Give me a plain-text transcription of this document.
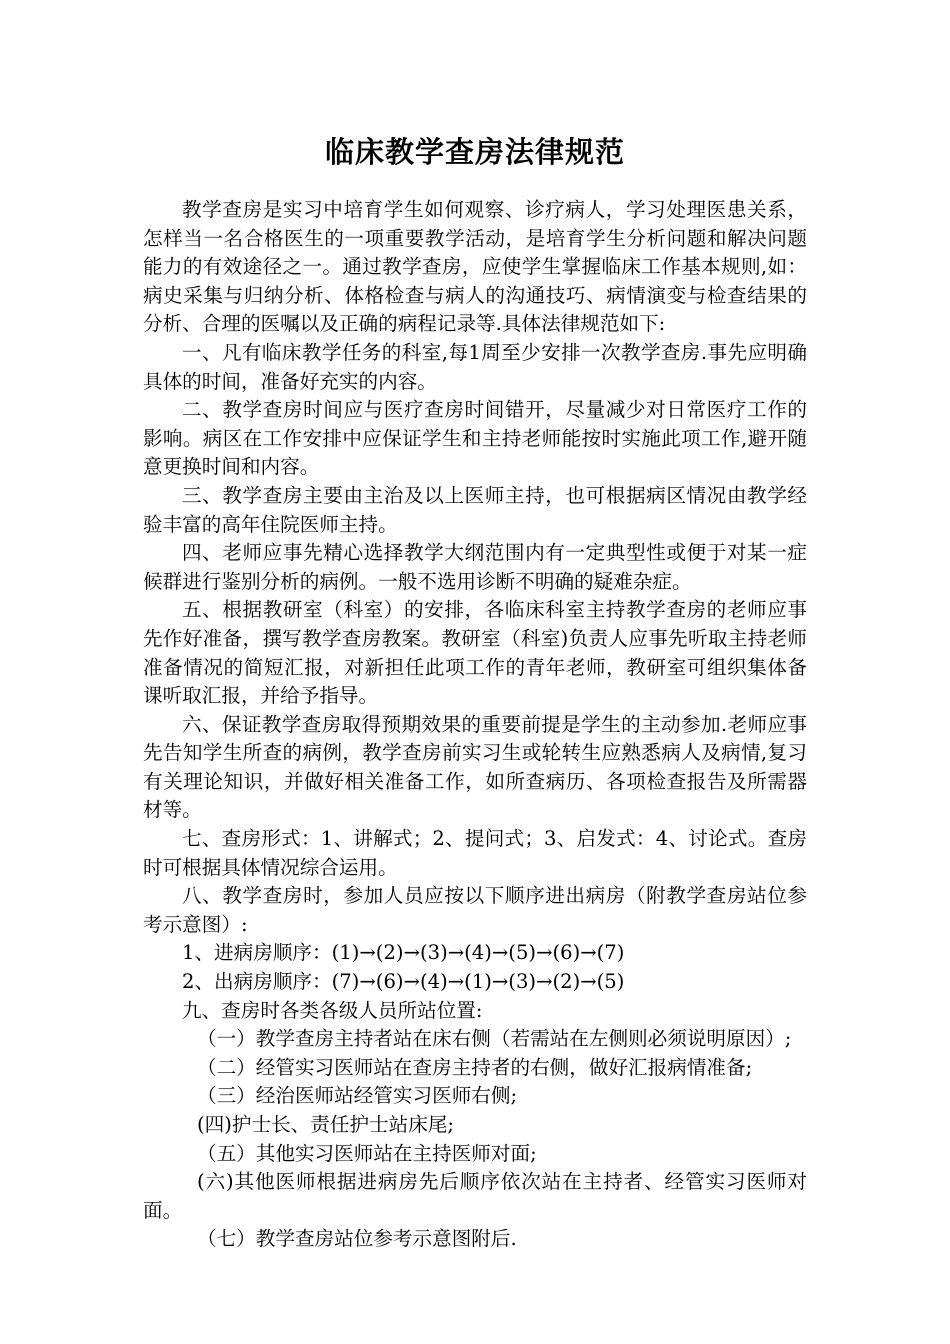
临床教学查房法律规范

教学查房是实习中培育学生如何观察、诊疗病人，学习处理医患关系，怎样当一名合格医生的一项重要教学活动，是培育学生分析问题和解决问题能力的有效途径之一。通过教学查房，应使学生掌握临床工作基本规则,如：病史采集与归纳分析、体格检查与病人的沟通技巧、病情演变与检查结果的分析、合理的医嘱以及正确的病程记录等.具体法律规范如下:

一、凡有临床教学任务的科室,每1周至少安排一次教学查房.事先应明确具体的时间，准备好充实的内容。

二、教学查房时间应与医疗查房时间错开，尽量减少对日常医疗工作的影响。病区在工作安排中应保证学生和主持老师能按时实施此项工作,避开随意更换时间和内容。

三、教学查房主要由主治及以上医师主持，也可根据病区情况由教学经验丰富的高年住院医师主持。

四、老师应事先精心选择教学大纲范围内有一定典型性或便于对某一症候群进行鉴别分析的病例。一般不选用诊断不明确的疑难杂症。

五、根据教研室（科室）的安排，各临床科室主持教学查房的老师应事先作好准备，撰写教学查房教案。教研室（科室)负责人应事先听取主持老师准备情况的简短汇报，对新担任此项工作的青年老师，教研室可组织集体备课听取汇报，并给予指导。

六、保证教学查房取得预期效果的重要前提是学生的主动参加.老师应事先告知学生所查的病例，教学查房前实习生或轮转生应熟悉病人及病情,复习有关理论知识，并做好相关准备工作，如所查病历、各项检查报告及所需器材等。

七、查房形式：1、讲解式；2、提问式；3、启发式：4、讨论式。查房时可根据具体情况综合运用。

八、教学查房时，参加人员应按以下顺序进出病房（附教学查房站位参考示意图）:

1、进病房顺序：(1)→(2)→(3)→(4)→(5)→(6)→(7)

2、出病房顺序：(7)→(6)→(4)→(1)→(3)→(2)→(5)

九、查房时各类各级人员所站位置:

（一）教学查房主持者站在床右侧（若需站在左侧则必须说明原因）;

（二）经管实习医师站在查房主持者的右侧，做好汇报病情准备;

（三）经治医师站经管实习医师右侧;

(四)护士长、责任护士站床尾;

（五）其他实习医师站在主持医师对面;

(六)其他医师根据进病房先后顺序依次站在主持者、经管实习医师对面。

（七）教学查房站位参考示意图附后.
